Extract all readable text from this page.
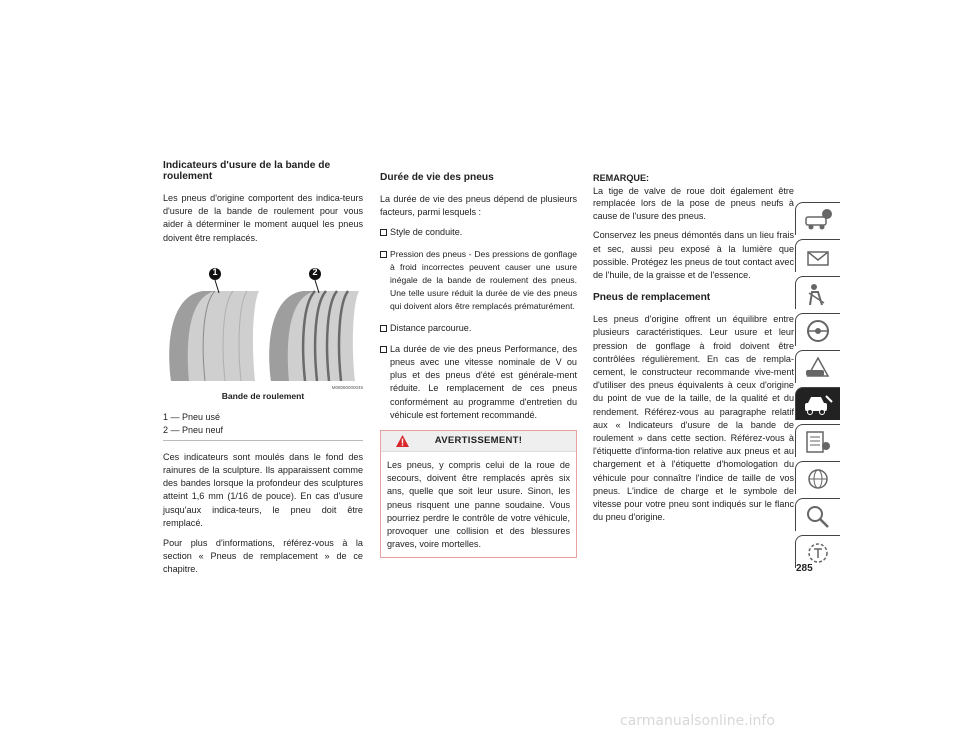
Indicateurs d'usure de la bande de roulement

Les pneus d'origine comportent des indica-teurs d'usure de la bande de roulement pour vous aider à déterminer le moment auquel les pneus doivent être remplacés.

1	2
M08060000045
Bande de roulement
1 — Pneu usé
2 — Pneu neuf

Ces indicateurs sont moulés dans le fond des rainures de la sculpture. Ils apparaissent comme des bandes lorsque la profondeur des sculptures atteint 1,6 mm (1/16 de pouce). En cas d'usure jusqu'aux indica-teurs, le pneu doit être remplacé.

Pour plus d'informations, référez-vous à la section « Pneus de remplacement » de ce chapitre.

Durée de vie des pneus

La durée de vie des pneus dépend de plusieurs facteurs, parmi lesquels :

Style de conduite.
Pression des pneus - Des pressions de gonflage à froid incorrectes peuvent causer une usure inégale de la bande de roulement des pneus. Une telle usure réduit la durée de vie des pneus qui doivent alors être remplacés prématurément.
Distance parcourue.
La durée de vie des pneus Performance, des pneus avec une vitesse nominale de V ou plus et des pneus d'été est générale-ment réduite. Le remplacement de ces pneus conformément au programme d'entretien du véhicule est fortement recommandé.
AVERTISSEMENT!

Les pneus, y compris celui de la roue de secours, doivent être remplacés après six ans, quelle que soit leur usure. Sinon, les pneus risquent une panne soudaine. Vous pourriez perdre le contrôle de votre véhicule, provoquer une collision et des blessures graves, voire mortelles.

REMARQUE:
La tige de valve de roue doit également être remplacée lors de la pose de pneus neufs à cause de l'usure des pneus.

Conservez les pneus démontés dans un lieu frais et sec, aussi peu exposé à la lumière que possible. Protégez les pneus de tout contact avec de l'huile, de la graisse et de l'essence.

Pneus de remplacement

Les pneus d'origine offrent un équilibre entre plusieurs caractéristiques. Leur usure et leur pression de gonflage à froid doivent être contrôlées régulièrement. En cas de rempla-cement, le constructeur recommande vive-ment d'utiliser des pneus équivalents à ceux d'origine du point de vue de la taille, de la qualité et du rendement. Référez-vous au paragraphe relatif aux « Indicateurs d'usure de la bande de roulement » dans cette section. Référez-vous à l'étiquette d'informa-tion relative aux pneus et au chargement et à l'étiquette d'homologation du véhicule pour connaître l'indice de taille de vos pneus. L'indice de charge et le symbole de vitesse pour votre pneu sont indiqués sur le flanc du pneu d'origine.

285
carmanualsonline.info
